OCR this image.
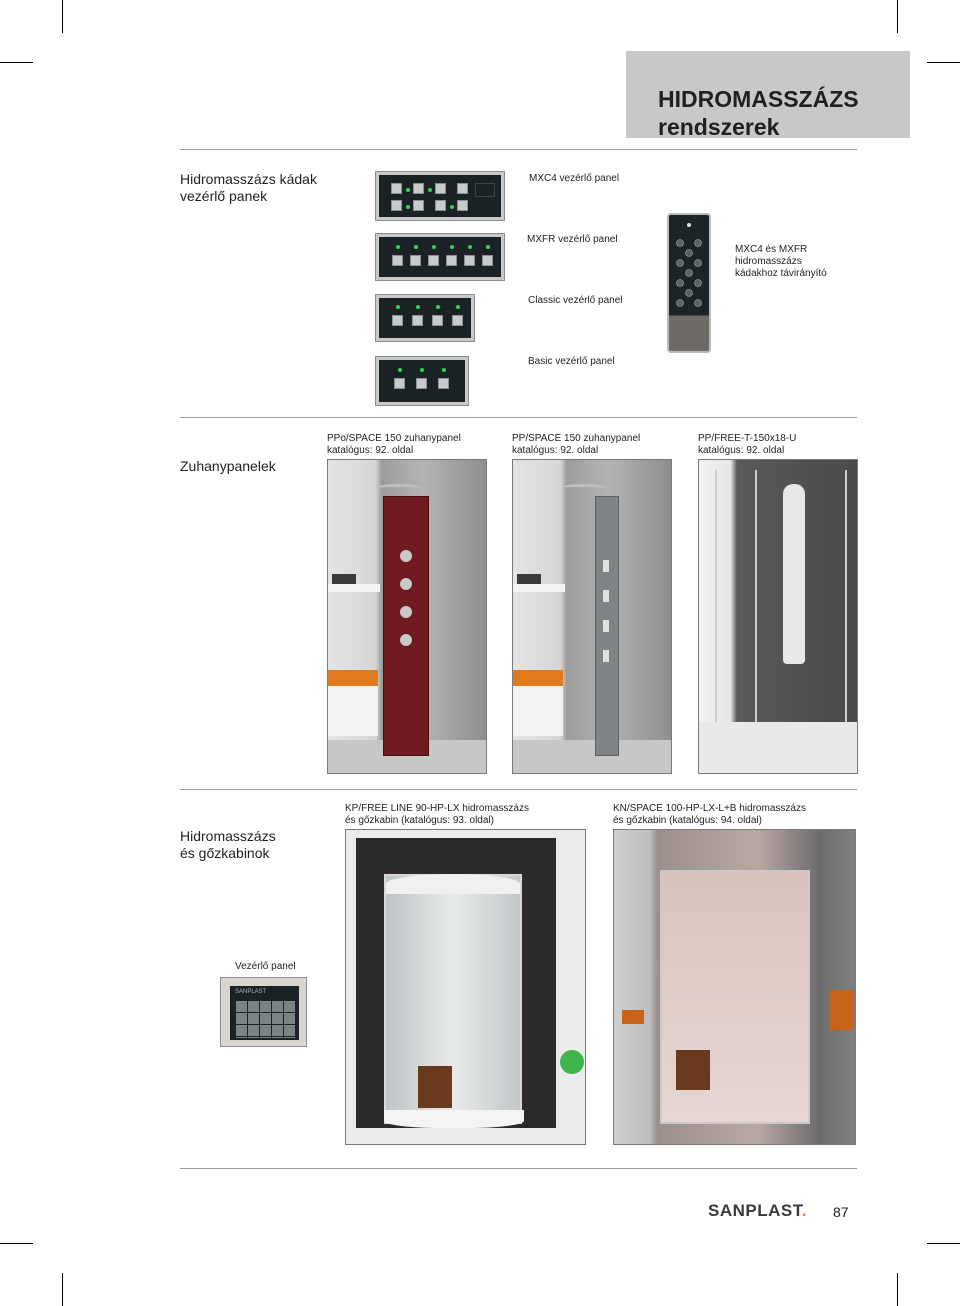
HIDROMASSZÁZS
rendszerek
Hidromasszázs kádak
vezérlő panek
MXC4 vezérlő panel
MXFR vezérlő panel
Classic vezérlő panel
Basic vezérlő panel
MXC4 és MXFR
hidromasszázs
kádakhoz távirányító
Zuhanypanelek
PPo/SPACE 150 zuhanypanel
katalógus: 92. oldal
PP/SPACE 150 zuhanypanel
katalógus: 92. oldal
PP/FREE-T-150x18-U
katalógus: 92. oldal
Hidromasszázs
és gőzkabinok
KP/FREE LINE 90-HP-LX hidromasszázs
és gőzkabin (katalógus: 93. oldal)
KN/SPACE 100-HP-LX-L+B hidromasszázs
és gőzkabin (katalógus: 94. oldal)
Vezérlő panel
SANPLAST
SANPLAST. 87
